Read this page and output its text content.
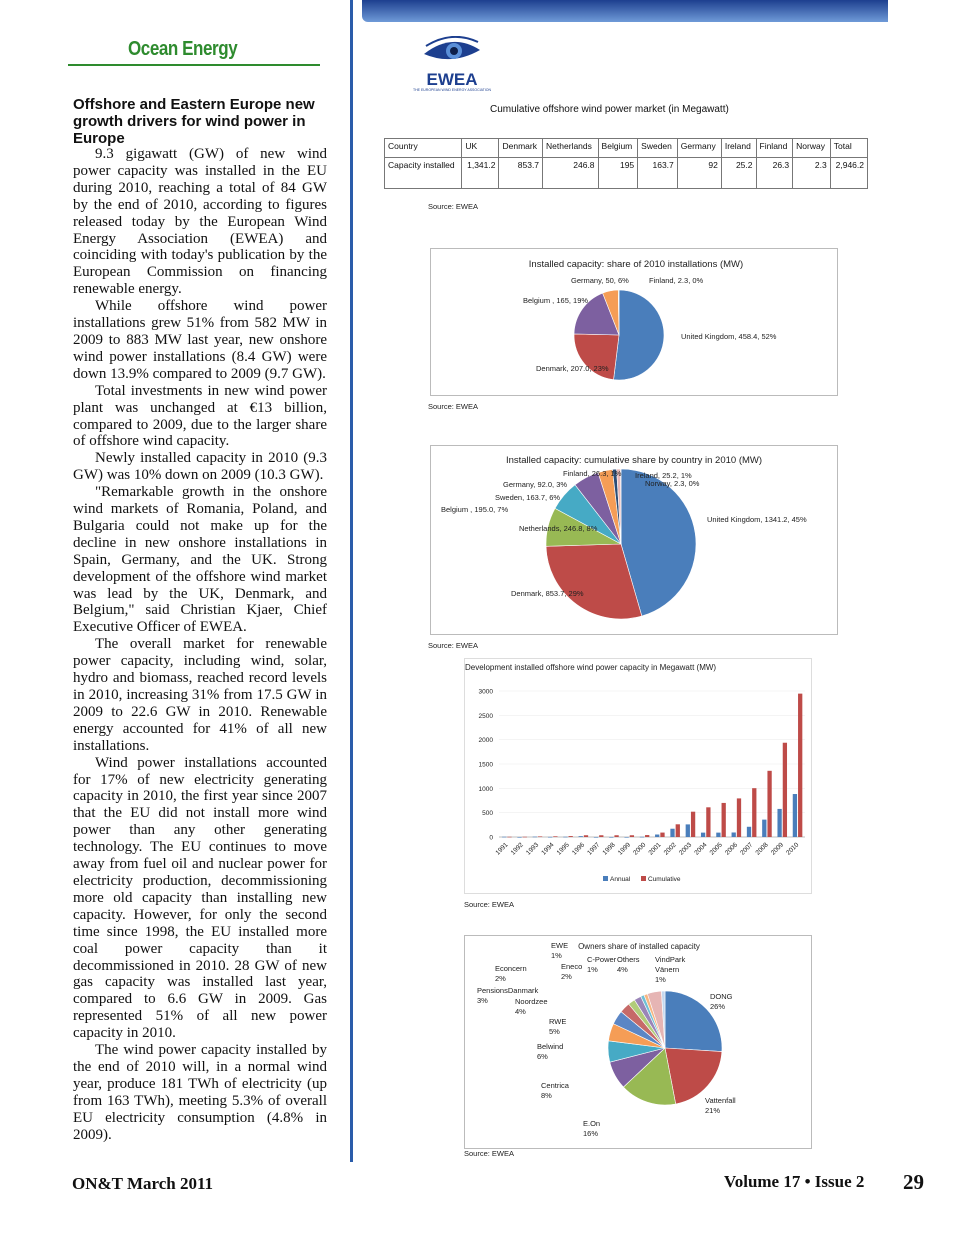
Ocean Energy
Offshore and Eastern Europe new growth drivers for wind power in Europe

9.3 gigawatt (GW) of new wind power capacity was installed in the EU during 2010, reaching a total of 84 GW by the end of 2010, according to figures released today by the European Wind Energy Association (EWEA) and coinciding with today's publication by the European Commission on financing renewable energy.

While offshore wind power installations grew 51% from 582 MW in 2009 to 883 MW last year, new onshore wind power installations (8.4 GW) were down 13.9% compared to 2009 (9.7 GW).

Total investments in new wind power plant was unchanged at €13 billion, compared to 2009, due to the larger share of offshore wind capacity.

Newly installed capacity in 2010 (9.3 GW) was 10% down on 2009 (10.3 GW).

"Remarkable growth in the onshore wind markets of Romania, Poland, and Bulgaria could not make up for the decline in new onshore installations in Spain, Germany, and the UK. Strong development of the offshore wind market was lead by the UK, Denmark, and Belgium," said Christian Kjaer, Chief Executive Officer of EWEA.

The overall market for renewable power capacity, including wind, solar, hydro and biomass, reached record levels in 2010, increasing 31% from 17.5 GW in 2009 to 22.6 GW in 2010. Renewable energy accounted for 41% of all new installations.

Wind power installations accounted for 17% of new electricity generating capacity in 2010, the first year since 2007 that the EU did not install more wind power than any other generating technology. The EU continues to move away from fuel oil and nuclear power for electricity production, decommissioning more old capacity than installing new capacity. However, for only the second time since 1998, the EU installed more coal power capacity than it decommissioned in 2010. 28 GW of new gas capacity was installed last year, compared to 6.6 GW in 2009. Gas represented 51% of all new power capacity in 2010.

The wind power capacity installed by the end of 2010 will, in a normal wind year, produce 181 TWh of electricity (up from 163 TWh), meeting 5.3% of overall EU electricity consumption (4.8% in 2009).

EWEA
THE EUROPEAN WIND ENERGY ASSOCIATION
Cumulative offshore wind power market (in Megawatt)
Country	UK	Denmark	Netherlands	Belgium	Sweden	Germany	Ireland	Finland	Norway	Total
Capacity installed	1,341.2	853.7	246.8	195	163.7	92	25.2	26.3	2.3	2,946.2
Source: EWEA
Installed capacity: share of 2010 installations (MW)
United Kingdom, 458.4, 52%
Denmark, 207.0, 23%
Belgium , 165, 19%
Germany, 50, 6%	Finland, 2.3, 0%
Source: EWEA
Installed capacity: cumulative share by country in 2010 (MW)
United Kingdom, 1341.2, 45%
Denmark, 853.7, 29%
Netherlands, 246.8, 8%
Belgium , 195.0, 7%
Sweden, 163.7, 6%
Germany, 92.0, 3%
Finland, 26.3, 1% Ireland, 25.2, 1%
Norway, 2.3, 0%
Source: EWEA
Development installed offshore wind power capacity in Megawatt (MW)
3000
2500
2000
1500
1000
500
0
1991 1992 1993 1994 1995 1996 1997 1998 1999 2000 2001 2002 2003 2004 2005 2006 2007 2008 2009 2010
Annual	Cumulative
Source: EWEA
Owners share of installed capacity
DONG
26%
Vattenfall
21%
E.On
16%
Centrica
8%
Belwind
6%
RWE
5%
Noordzee
4%
PensionsDanmark
3%
Econcern
2%
Eneco
2%
EWE
1%	C-Power
1%
Others
4%
VindPark
Vänern
1%
Source: EWEA
ON&T March 2011	Volume 17 • Issue 2 29
